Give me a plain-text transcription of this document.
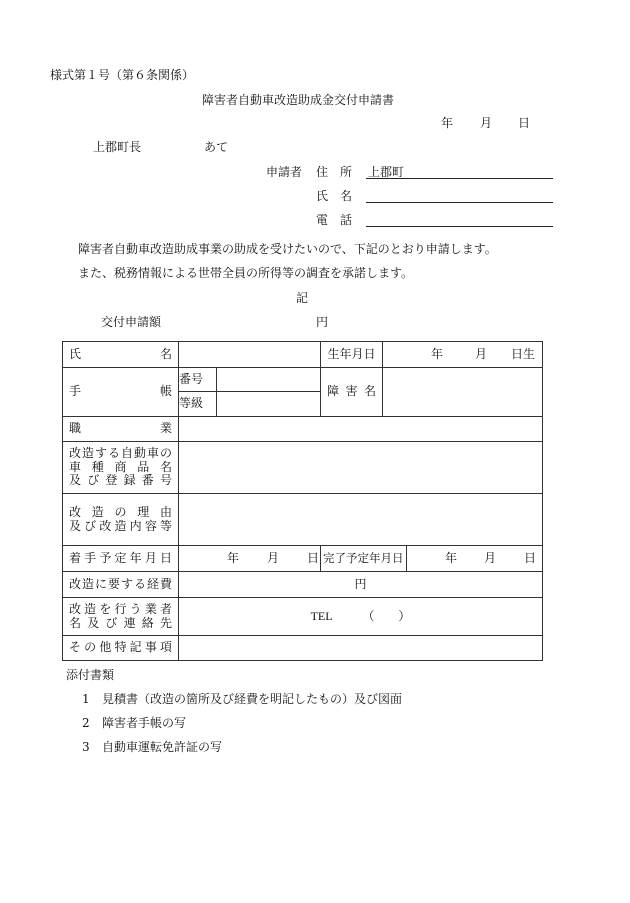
様式第１号（第６条関係）
障害者自動車改造助成金交付申請書
年 月 日
上郡町長	あて
申請者 住 所 上郡町
氏 名
電 話
障害者自動車改造助成事業の助成を受けたいので、下記のとおり申請します。
また、税務情報による世帯全員の所得等の調査を承諾します。
記
交付申請額	円
氏 名			生年月日	年 月 日生	

手 帳	番号		障 害 名		

	等級				

職 業					

改造する自動車の
車種商品名
及び登録番号					

改造の理由
及び改造内容等					

着手予定年月日	年 月 日		完了予定年月日		年 月 日

改造に要する経費	円				

改造を行う業者
名及び連絡先	TEL （　　）				

その他特記事項					

添付書類
1 見積書（改造の箇所及び経費を明記したもの）及び図面
2 障害者手帳の写
3 自動車運転免許証の写
